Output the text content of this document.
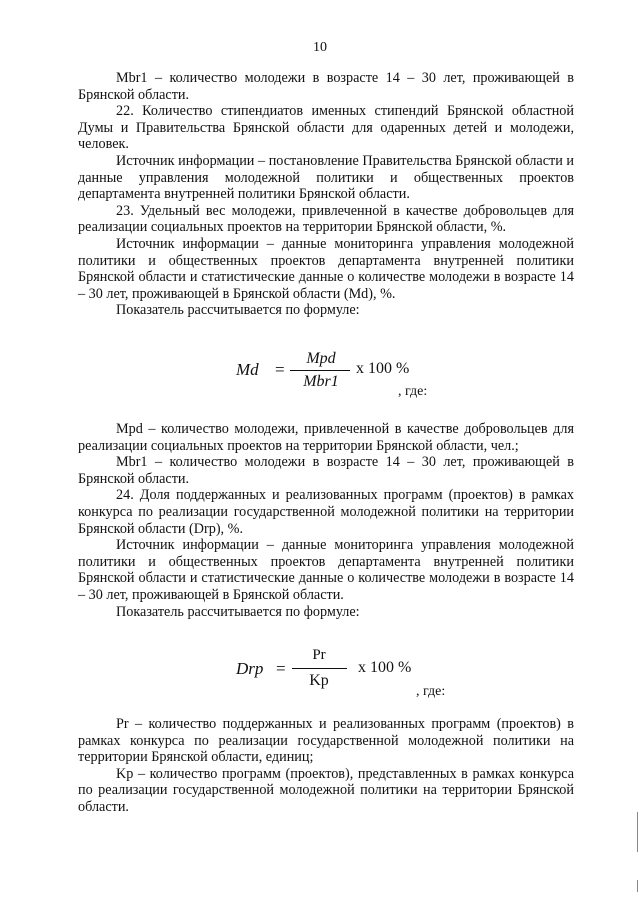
10

Mbr1 – количество молодежи в возрасте 14 – 30 лет, проживающей в Брянской области.

22. Количество стипендиатов именных стипендий Брянской областной Думы и Правительства Брянской области для одаренных детей и молодежи, человек.

Источник информации – постановление Правительства Брянской области и данные управления молодежной политики и общественных проектов департамента внутренней политики Брянской области.

23. Удельный вес молодежи, привлеченной в качестве добровольцев для реализации социальных проектов на территории Брянской области, %.

Источник информации – данные мониторинга управления молодежной политики и общественных проектов департамента внутренней политики Брянской области и статистические данные о количестве молодежи в возрасте 14 – 30 лет, проживающей в Брянской области (Md), %.

Показатель рассчитывается по формуле:

Md =
Mpd
Mbr1
x 100 %
, где:

Mpd – количество молодежи, привлеченной в качестве добровольцев для реализации социальных проектов на территории Брянской области, чел.;

Mbr1 – количество молодежи в возрасте 14 – 30 лет, проживающей в Брянской области.

24. Доля поддержанных и реализованных программ (проектов) в рамках конкурса по реализации государственной молодежной политики на территории Брянской области (Drp), %.

Источник информации – данные мониторинга управления молодежной политики и общественных проектов департамента внутренней политики Брянской области и статистические данные о количестве молодежи в возрасте 14 – 30 лет, проживающей в Брянской области.

Показатель рассчитывается по формуле:

Drp =
Pr
Kp
x 100 %
, где:

Pr – количество поддержанных и реализованных программ (проектов) в рамках конкурса по реализации государственной молодежной политики на территории Брянской области, единиц;

Kp – количество программ (проектов), представленных в рамках конкурса по реализации государственной молодежной политики на территории Брянской области.
